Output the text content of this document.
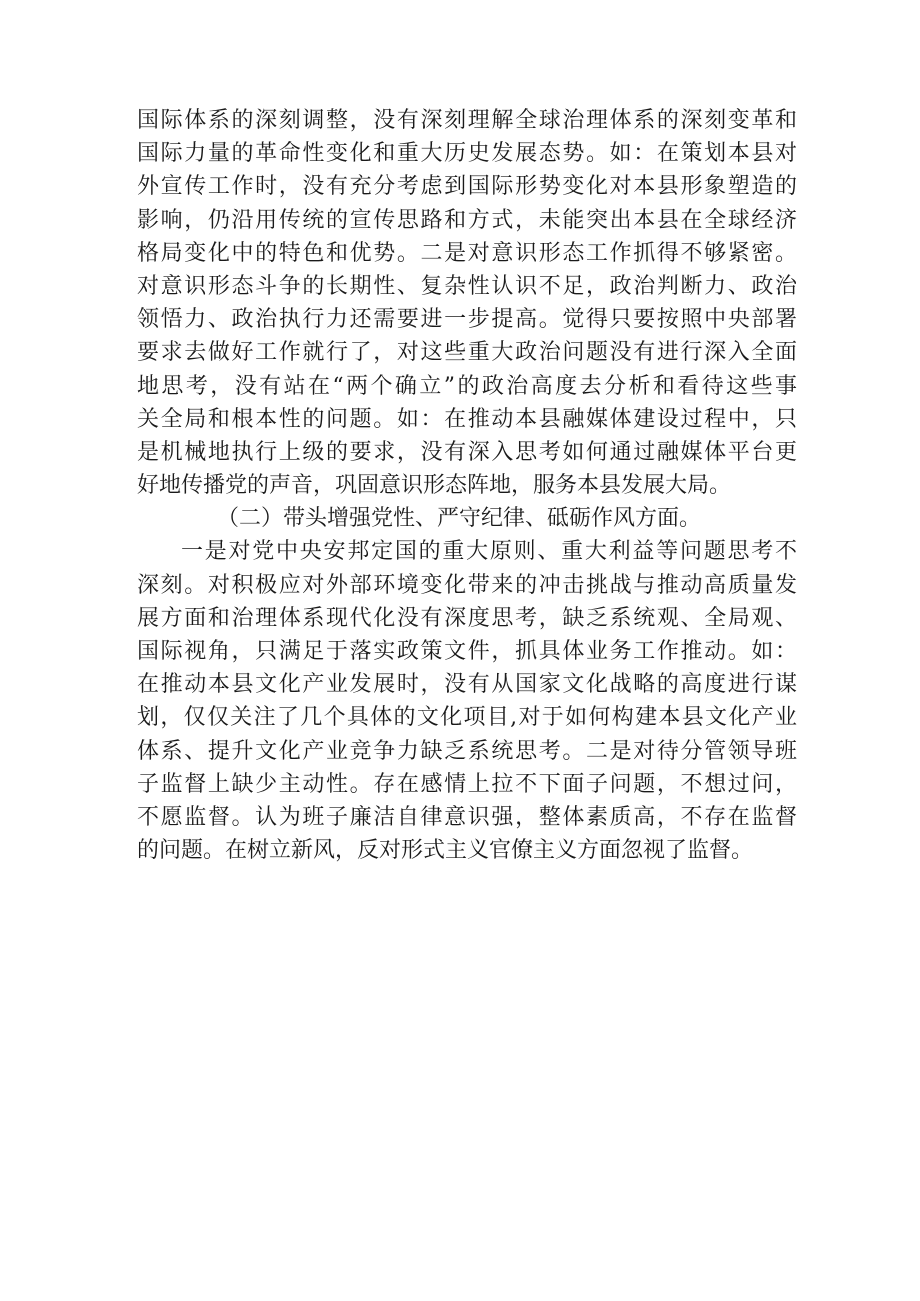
国际体系的深刻调整，没有深刻理解全球治理体系的深刻变革和
国际力量的革命性变化和重大历史发展态势。如：在策划本县对
外宣传工作时，没有充分考虑到国际形势变化对本县形象塑造的
影响，仍沿用传统的宣传思路和方式，未能突出本县在全球经济
格局变化中的特色和优势。二是对意识形态工作抓得不够紧密。
对意识形态斗争的长期性、复杂性认识不足，政治判断力、政治
领悟力、政治执行力还需要进一步提高。觉得只要按照中央部署
要求去做好工作就行了，对这些重大政治问题没有进行深入全面
地思考，没有站在“两个确立”的政治高度去分析和看待这些事
关全局和根本性的问题。如：在推动本县融媒体建设过程中，只
是机械地执行上级的要求，没有深入思考如何通过融媒体平台更
好地传播党的声音，巩固意识形态阵地，服务本县发展大局。
（二）带头增强党性、严守纪律、砥砺作风方面。
一是对党中央安邦定国的重大原则、重大利益等问题思考不
深刻。对积极应对外部环境变化带来的冲击挑战与推动高质量发
展方面和治理体系现代化没有深度思考，缺乏系统观、全局观、
国际视角，只满足于落实政策文件，抓具体业务工作推动。如：
在推动本县文化产业发展时，没有从国家文化战略的高度进行谋
划，仅仅关注了几个具体的文化项目,对于如何构建本县文化产业
体系、提升文化产业竞争力缺乏系统思考。二是对待分管领导班
子监督上缺少主动性。存在感情上拉不下面子问题，不想过问，
不愿监督。认为班子廉洁自律意识强，整体素质高，不存在监督
的问题。在树立新风，反对形式主义官僚主义方面忽视了监督。
